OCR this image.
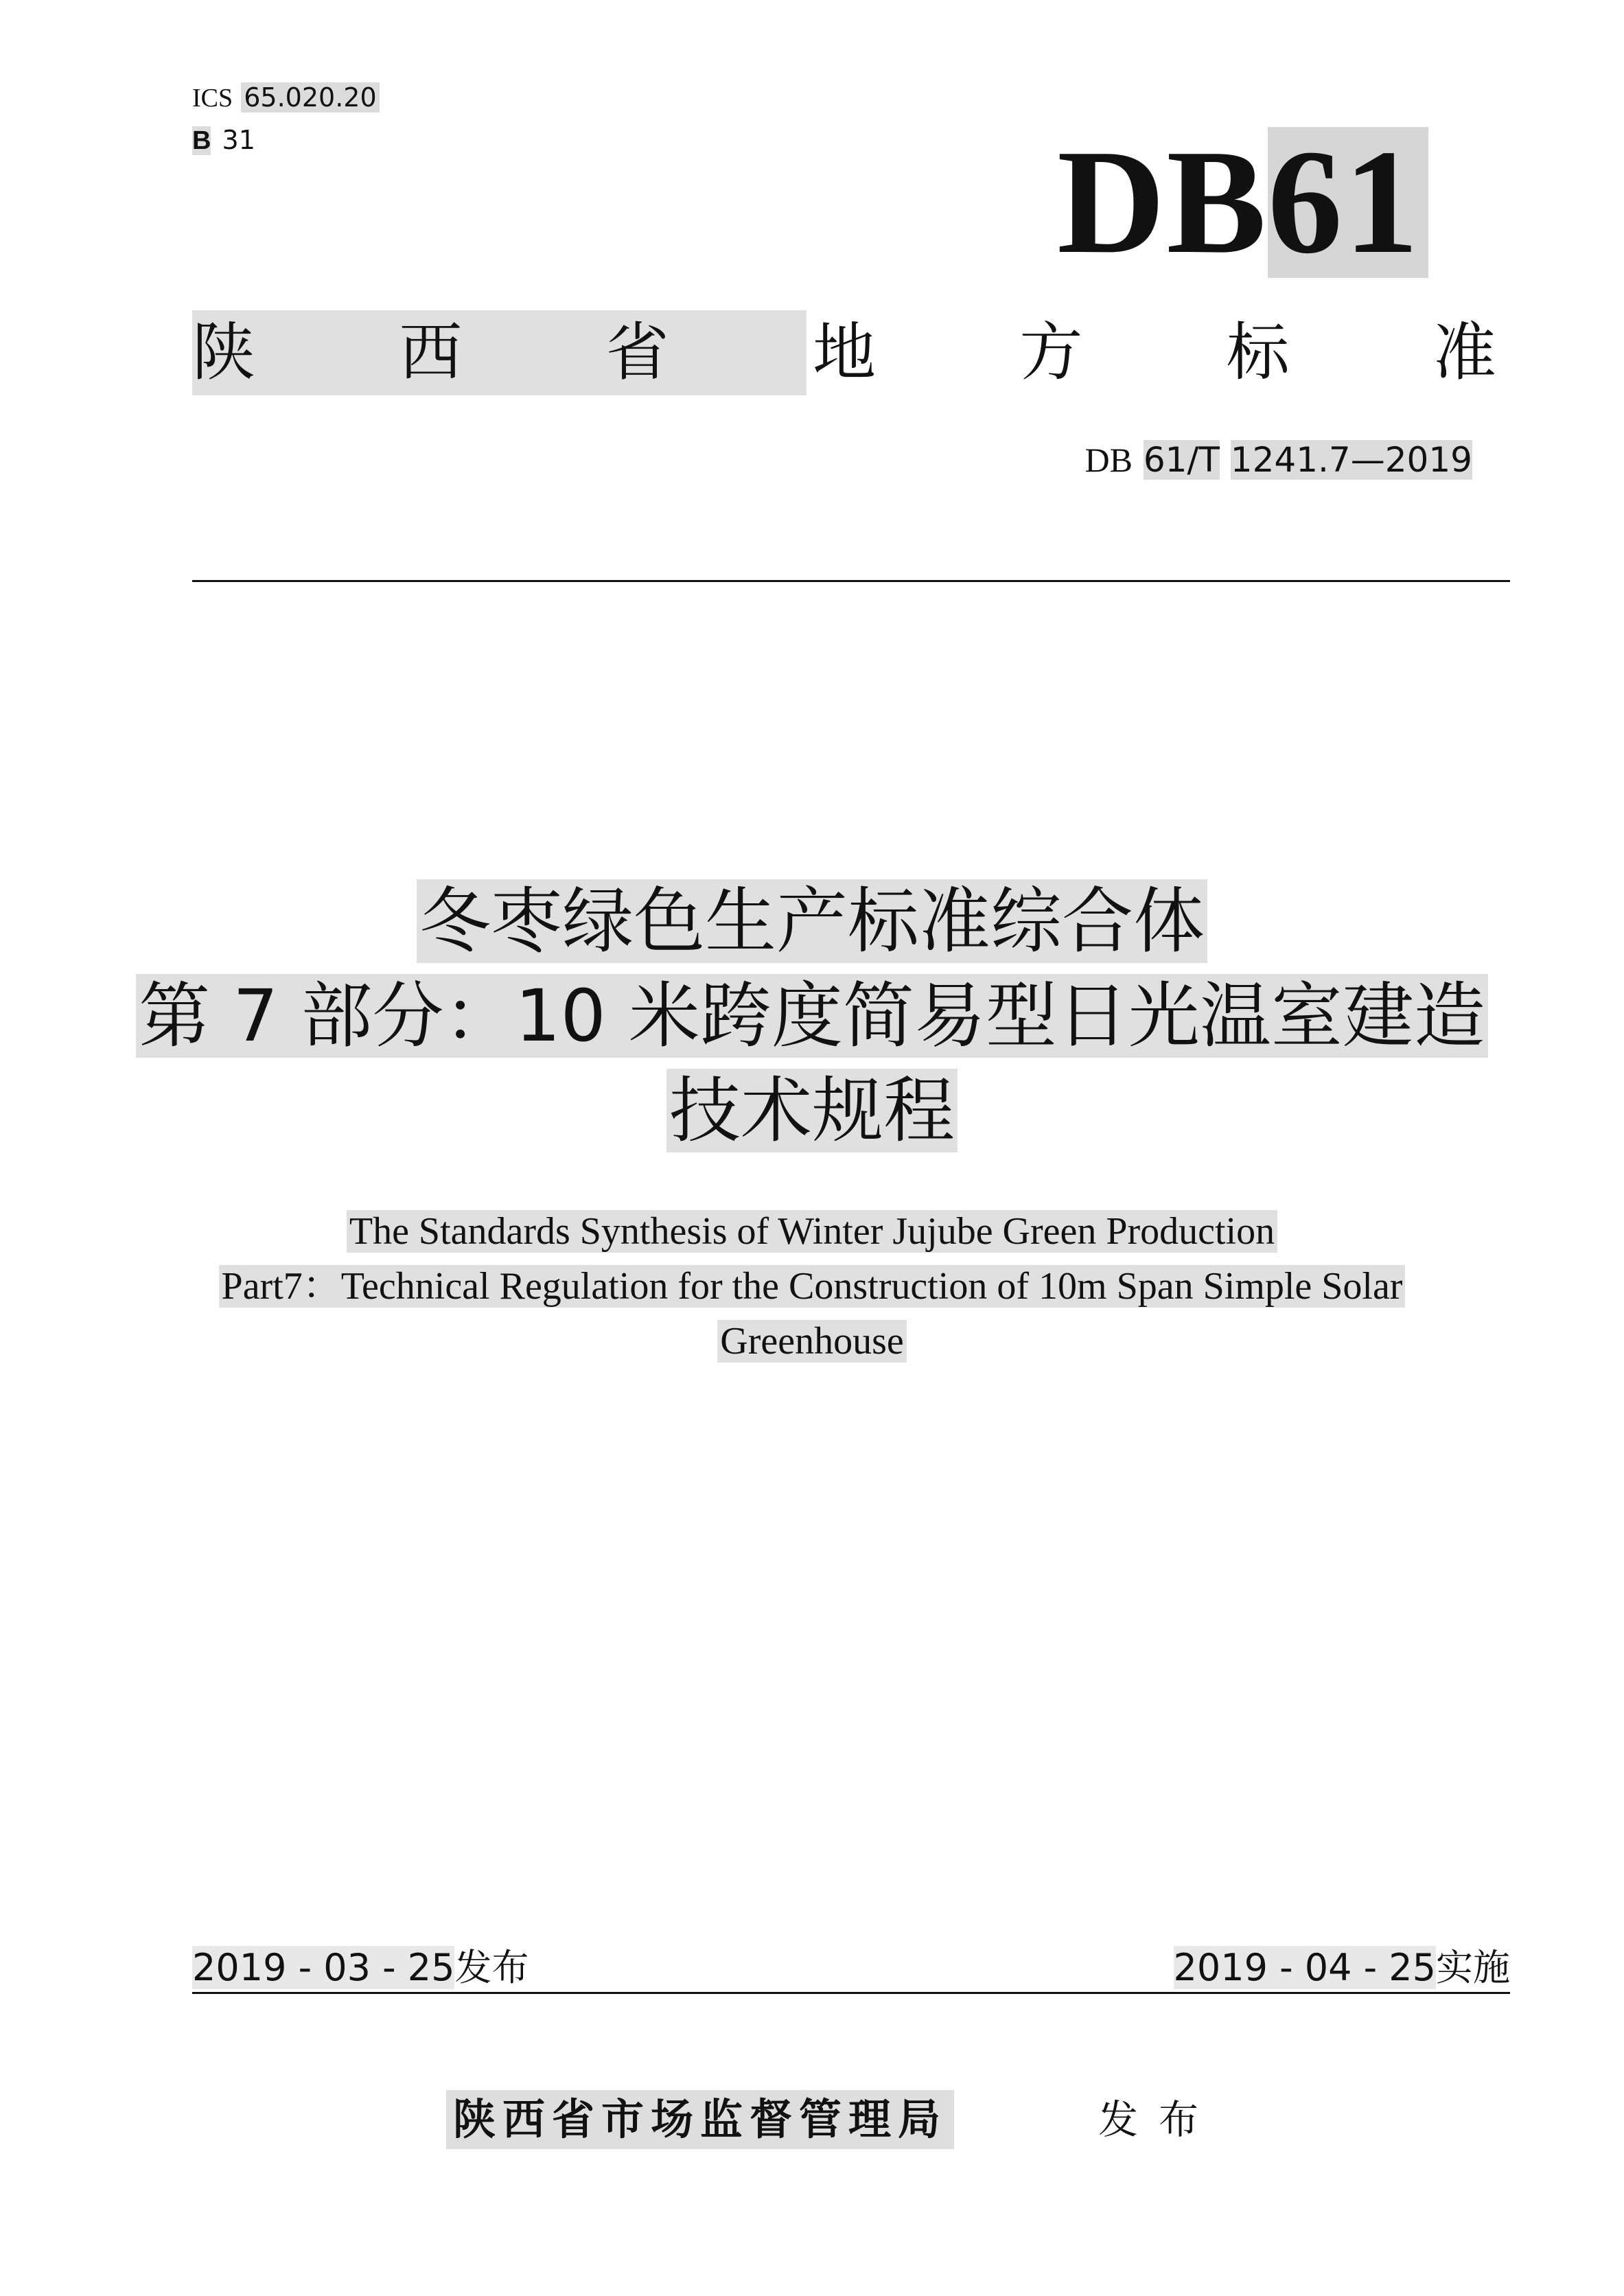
ICS 65.020.20
B 31	DB61
陕 西 省 地 方 标 准
DB 61/T 1241.7—2019
冬枣绿色生产标准综合体
第 7 部分：10 米跨度简易型日光温室建造
技术规程
The Standards Synthesis of Winter Jujube Green Production
Part7：Technical Regulation for the Construction of 10m Span Simple Solar
Greenhouse
2019 - 03 - 25发布	2019 - 04 - 25实施
陕西省市场监督管理局	发布
